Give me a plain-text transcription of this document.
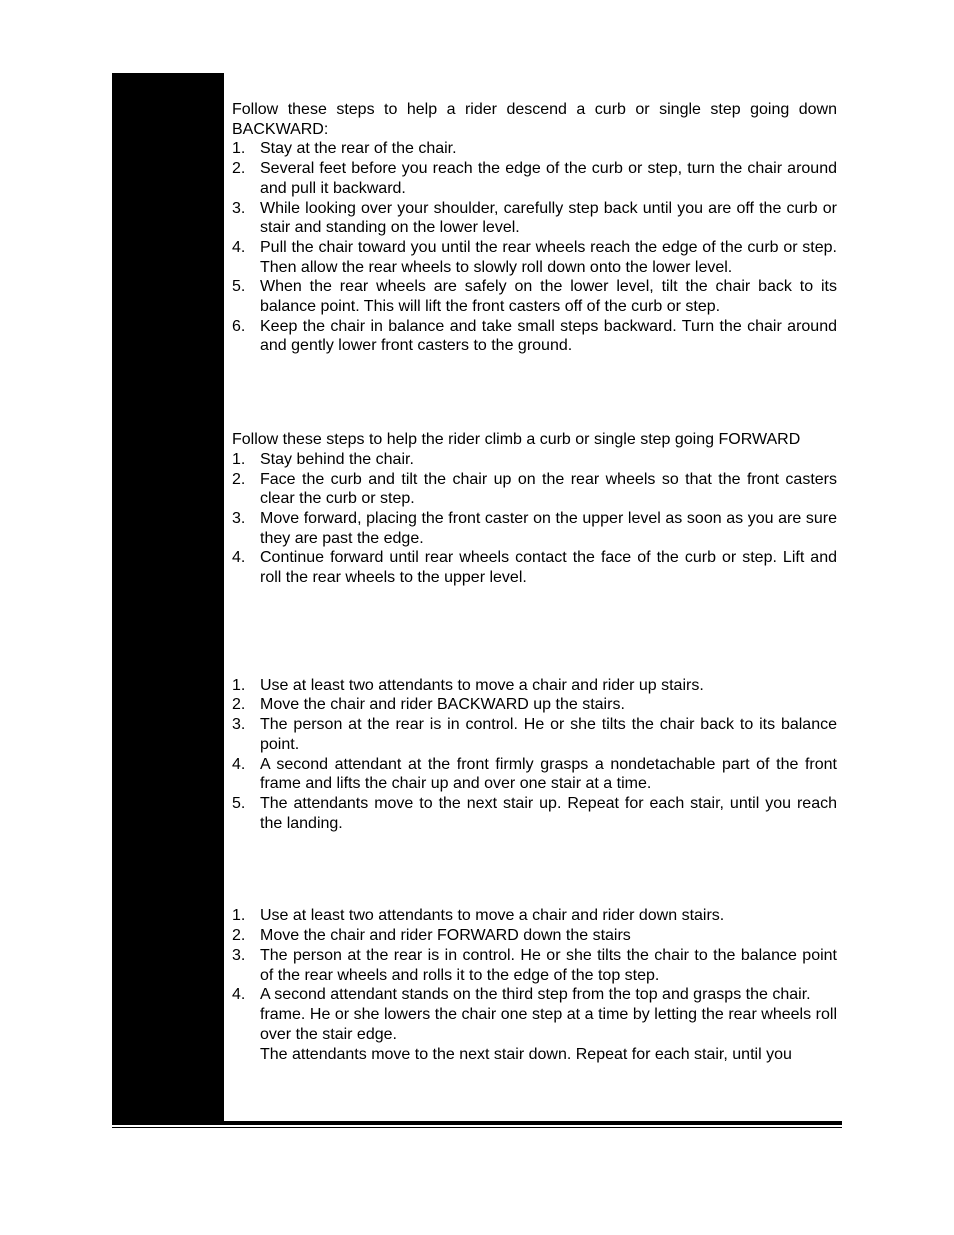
Follow these steps to help a rider descend a curb or single step going down BACKWARD:

1. Stay at the rear of the chair.
2. Several feet before you reach the edge of the curb or step, turn the chair around and pull it backward.
3. While looking over your shoulder, carefully step back until you are off the curb or stair and standing on the lower level.
4. Pull the chair toward you until the rear wheels reach the edge of the curb or step. Then allow the rear wheels to slowly roll down onto the lower level.
5. When the rear wheels are safely on the lower level, tilt the chair back to its balance point. This will lift the front casters off of the curb or step.
6. Keep the chair in balance and take small steps backward. Turn the chair around and gently lower front casters to the ground.

Follow these steps to help the rider climb a curb or single step going FORWARD

1. Stay behind the chair.
2. Face the curb and tilt the chair up on the rear wheels so that the front casters clear the curb or step.
3. Move forward, placing the front caster on the upper level as soon as you are sure they are past the edge.
4. Continue forward until rear wheels contact the face of the curb or step. Lift and roll the rear wheels to the upper level.
1. Use at least two attendants to move a chair and rider up stairs.
2. Move the chair and rider BACKWARD up the stairs.
3. The person at the rear is in control. He or she tilts the chair back to its balance point.
4. A second attendant at the front firmly grasps a nondetachable part of the front frame and lifts the chair up and over one stair at a time.
5. The attendants move to the next stair up. Repeat for each stair, until you reach the landing.
1. Use at least two attendants to move a chair and rider down stairs.
2. Move the chair and rider FORWARD down the stairs
3. The person at the rear is in control. He or she tilts the chair to the balance point of the rear wheels and rolls it to the edge of the top step.
4. A second attendant stands on the third step from the top and grasps the chair.

frame. He or she lowers the chair one step at a time by letting the rear wheels roll over the stair edge.

The attendants move to the next stair down. Repeat for each stair, until you
